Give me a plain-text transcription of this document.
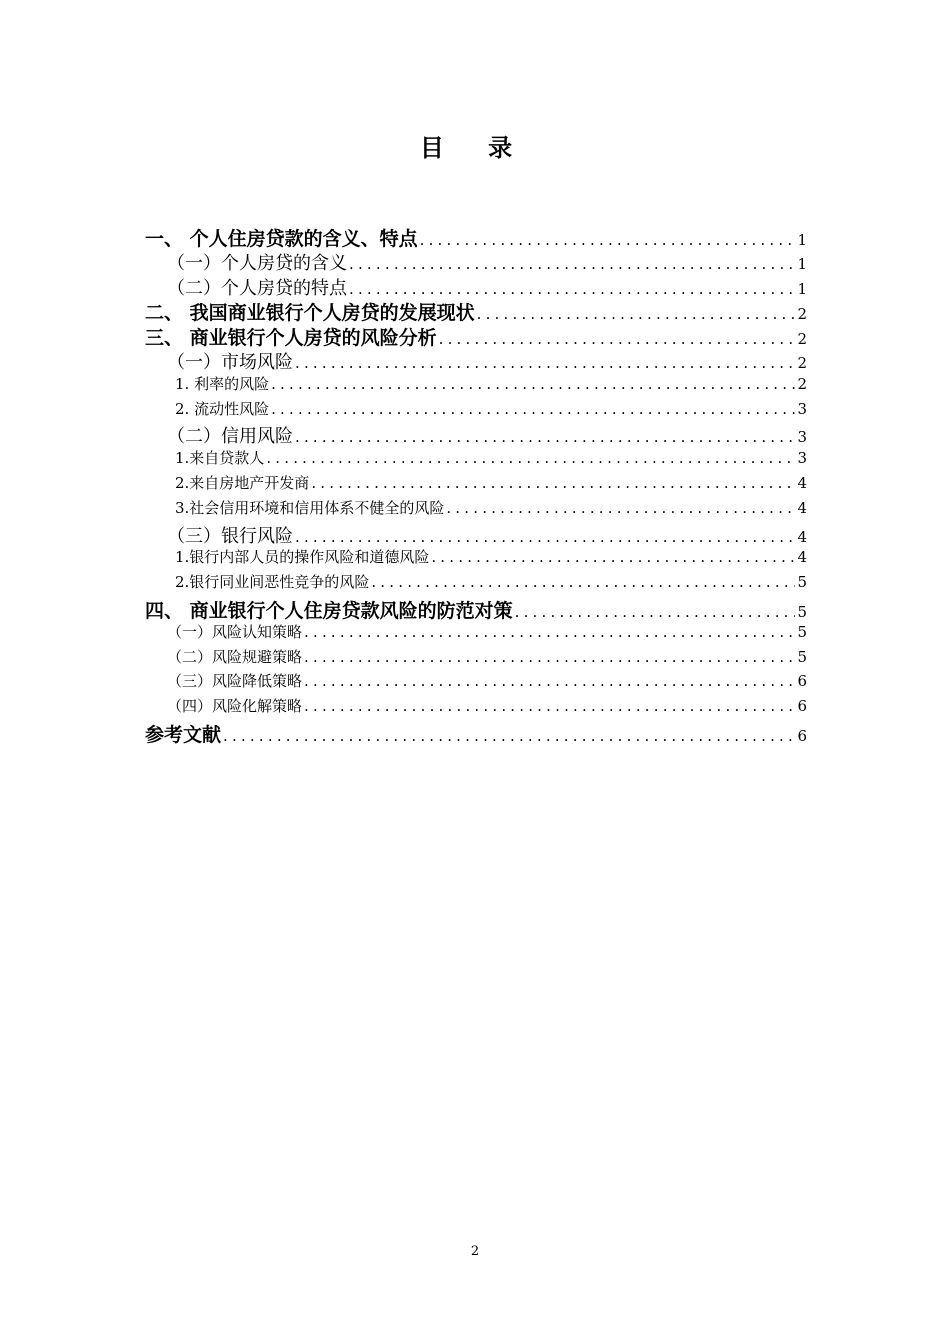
目 录
一、 个人住房贷款的含义、特点 .....	1
（一）个人房贷的含义 .....	1
（二）个人房贷的特点 .....	1
二、 我国商业银行个人房贷的发展现状 .....	2
三、 商业银行个人房贷的风险分析 .....	2
（一）市场风险 .....	2
1. 利率的风险 .....	2
2. 流动性风险 .....	3
（二）信用风险 .....	3
1.来自贷款人 .....	3
2.来自房地产开发商 .....	4
3.社会信用环境和信用体系不健全的风险 .....	4
（三）银行风险 .....	4
1.银行内部人员的操作风险和道德风险 .....	4
2.银行同业间恶性竞争的风险 .....	5
四、 商业银行个人住房贷款风险的防范对策 .....	5
（一）风险认知策略 .....	5
（二）风险规避策略 .....	5
（三）风险降低策略 .....	6
（四）风险化解策略 .....	6
参考文献 .....	6
2
